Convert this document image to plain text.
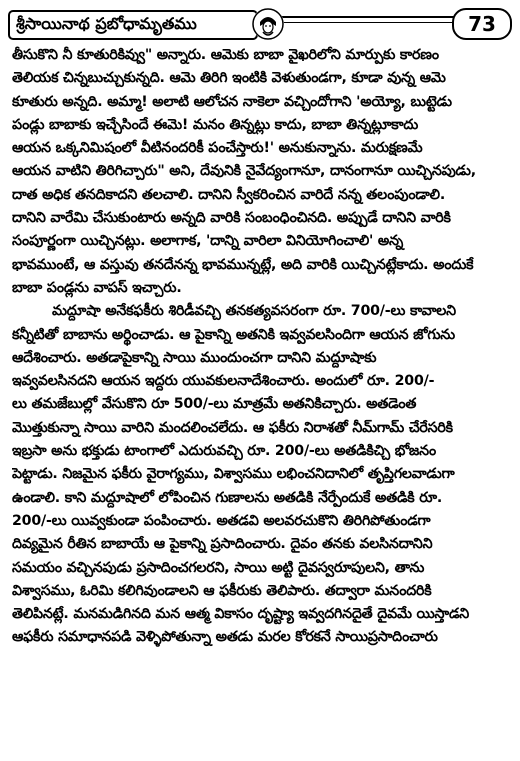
శ్రీసాయినాథ ప్రబోధామృతము	73
తీసుకొని నీ కూతురికివ్వు" అన్నారు. ఆమెకు బాబా వైఖరిలోని మార్పుకు కారణం
తెలియక చిన్నబుచ్చుకున్నది. ఆమె తిరిగి ఇంటికి వెళుతుండగా, కూడా వున్న ఆమె
కూతురు అన్నది. అమ్మా! అలాటి ఆలోచన నాకెలా వచ్చిందోగాని 'అయ్యో, బుట్టెడు
పండ్లు బాబాకు ఇచ్చేసిందే ఈమె! మనం తిన్నట్లు కాదు, బాబా తిన్నట్లూకాదు
ఆయన ఒక్కనిమిషంలో వీటినందరికీ పంచేస్తారు!' అనుకున్నాను. మరుక్షణమే
ఆయన వాటిని తిరిగిచ్చారు" అని, దేవునికి నైవేద్యంగానూ, దానంగానూ యిచ్చినపుడు,
దాత అధిక తనదికాదని తలచాలి. దానిని స్వీకరించిన వారిదే నన్న తలంపుండాలి.
దానిని వారేమి చేసుకుంటారు అన్నది వారికి సంబంధించినది. అప్పుడే దానిని వారికి
సంపూర్ణంగా యిచ్చినట్లు. అలాగాక, 'దాన్ని వారిలా వినియోగించాలి' అన్న
భావముంటే, ఆ వస్తువు తనదేనన్న భావమున్నట్లే, అది వారికి యిచ్చినట్లేకాదు. అందుకే
బాబా పండ్లను వాపస్ ఇచ్చారు.
మద్దూషా అనేకఫకీరు శిరిడీవచ్చి తనకత్యవసరంగా రూ. 700/-లు కావాలని
కన్నీటితో బాబాను అర్థించాడు. ఆ పైకాన్ని అతనికి ఇవ్వవలసిందిగా ఆయన జోగును
ఆదేశించారు. అతడాపైకాన్ని సాయి ముందుంచగా దానిని మద్దూషాకు
ఇవ్వవలసినదని ఆయన ఇద్దరు యువకులనాదేశించారు. అందులో రూ. 200/-
లు తమజేబుల్లో వేసుకొని రూ 500/-లు మాత్రమే అతనికిచ్చారు. అతడెంత
మొత్తుకున్నా సాయి వారిని మందలించలేదు. ఆ ఫకీరు నిరాశతో నీమ్‌గామ్ చేరేసరికి
ఇబ్రసా అను భక్తుడు టాంగాలో ఎదురువచ్చి రూ. 200/-లు అతడికిచ్చి భోజనం
పెట్టాడు. నిజమైన ఫకీరు వైరాగ్యము, విశ్వాసము లభించనిదానిలో తృప్తిగలవాడుగా
ఉండాలి. కాని మద్దూషాలో లోపించిన గుణాలను అతడికి నేర్పేందుకే అతడికి రూ.
200/-లు యివ్వకుండా పంపించారు. అతడవి అలవరచుకొని తిరిగిపోతుండగా
దివ్యమైన రీతిన బాబాయే ఆ పైకాన్ని ప్రసాదించారు. దైవం తనకు వలసినదానిని
సమయం వచ్చినపుడు ప్రసాదించగలరని, సాయి అట్టి దైవస్వరూపులని, తాను
విశ్వాసము, ఓరిమి కలిగివుండాలని ఆ ఫకీరుకు తెలిపారు. తద్వారా మనందరికి
తెలిపినట్లే. మనమడిగినది మన ఆత్మ వికాసం దృష్ట్యా ఇవ్వదగినదైతే దైవమే యిస్తాడని
ఆఫకీరు సమాధానపడి వెళ్ళిపోతున్నా అతడు మరల కోరకనే సాయిప్రసాదించారు
